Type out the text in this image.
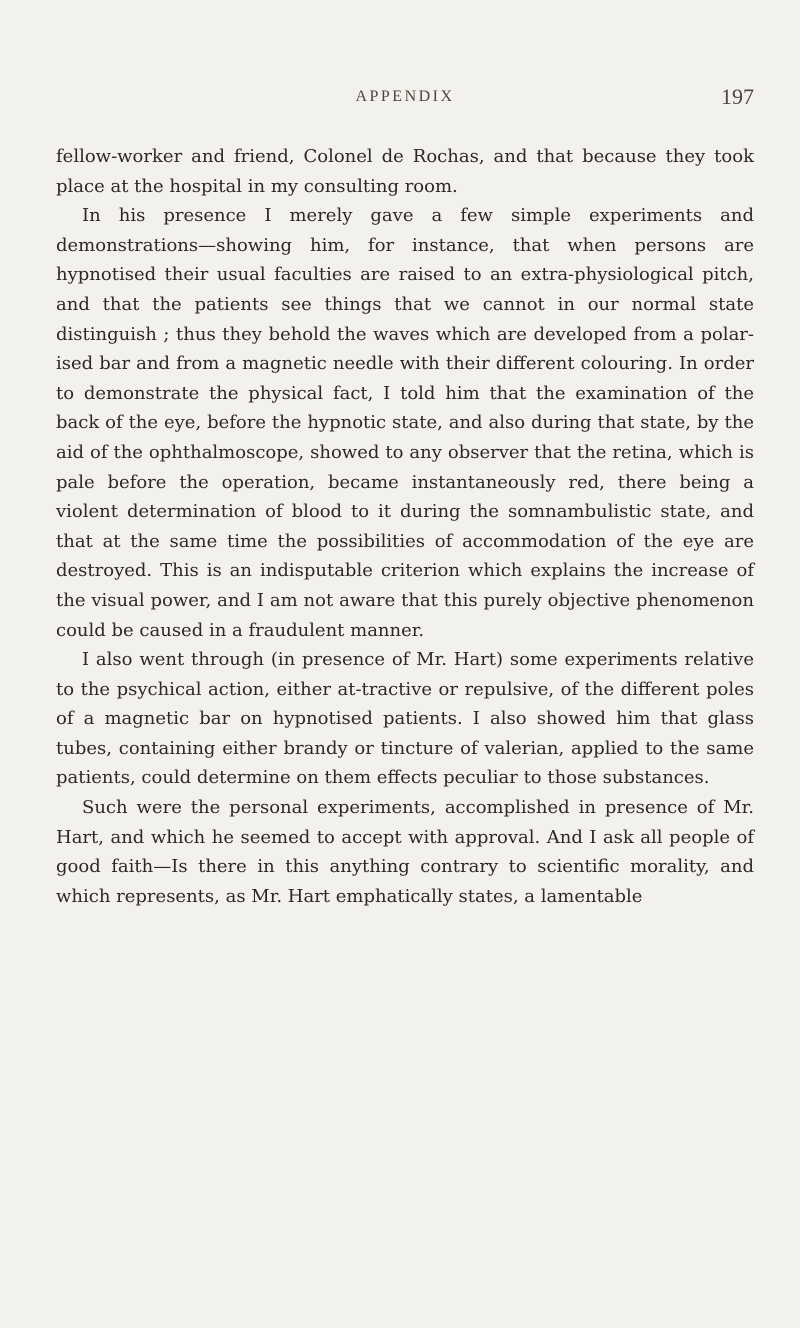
APPENDIX	197

fellow-worker and friend, Colonel de Rochas, and that because they took place at the hospital in my consulting room.

In his presence I merely gave a few simple experiments and demonstrations—showing him, for instance, that when persons are hypnotised their usual faculties are raised to an extra-physiological pitch, and that the patients see things that we cannot in our normal state distinguish ; thus they behold the waves which are developed from a polar-ised bar and from a magnetic needle with their different colouring. In order to demonstrate the physical fact, I told him that the examination of the back of the eye, before the hypnotic state, and also during that state, by the aid of the ophthalmoscope, showed to any observer that the retina, which is pale before the operation, became instantaneously red, there being a violent determination of blood to it during the somnambulistic state, and that at the same time the possibilities of accommodation of the eye are destroyed. This is an indisputable criterion which explains the increase of the visual power, and I am not aware that this purely objective phenomenon could be caused in a fraudulent manner.

I also went through (in presence of Mr. Hart) some experiments relative to the psychical action, either at-tractive or repulsive, of the different poles of a magnetic bar on hypnotised patients. I also showed him that glass tubes, containing either brandy or tincture of valerian, applied to the same patients, could determine on them effects peculiar to those substances.

Such were the personal experiments, accomplished in presence of Mr. Hart, and which he seemed to accept with approval. And I ask all people of good faith—Is there in this anything contrary to scientific morality, and which represents, as Mr. Hart emphatically states, a lamentable
